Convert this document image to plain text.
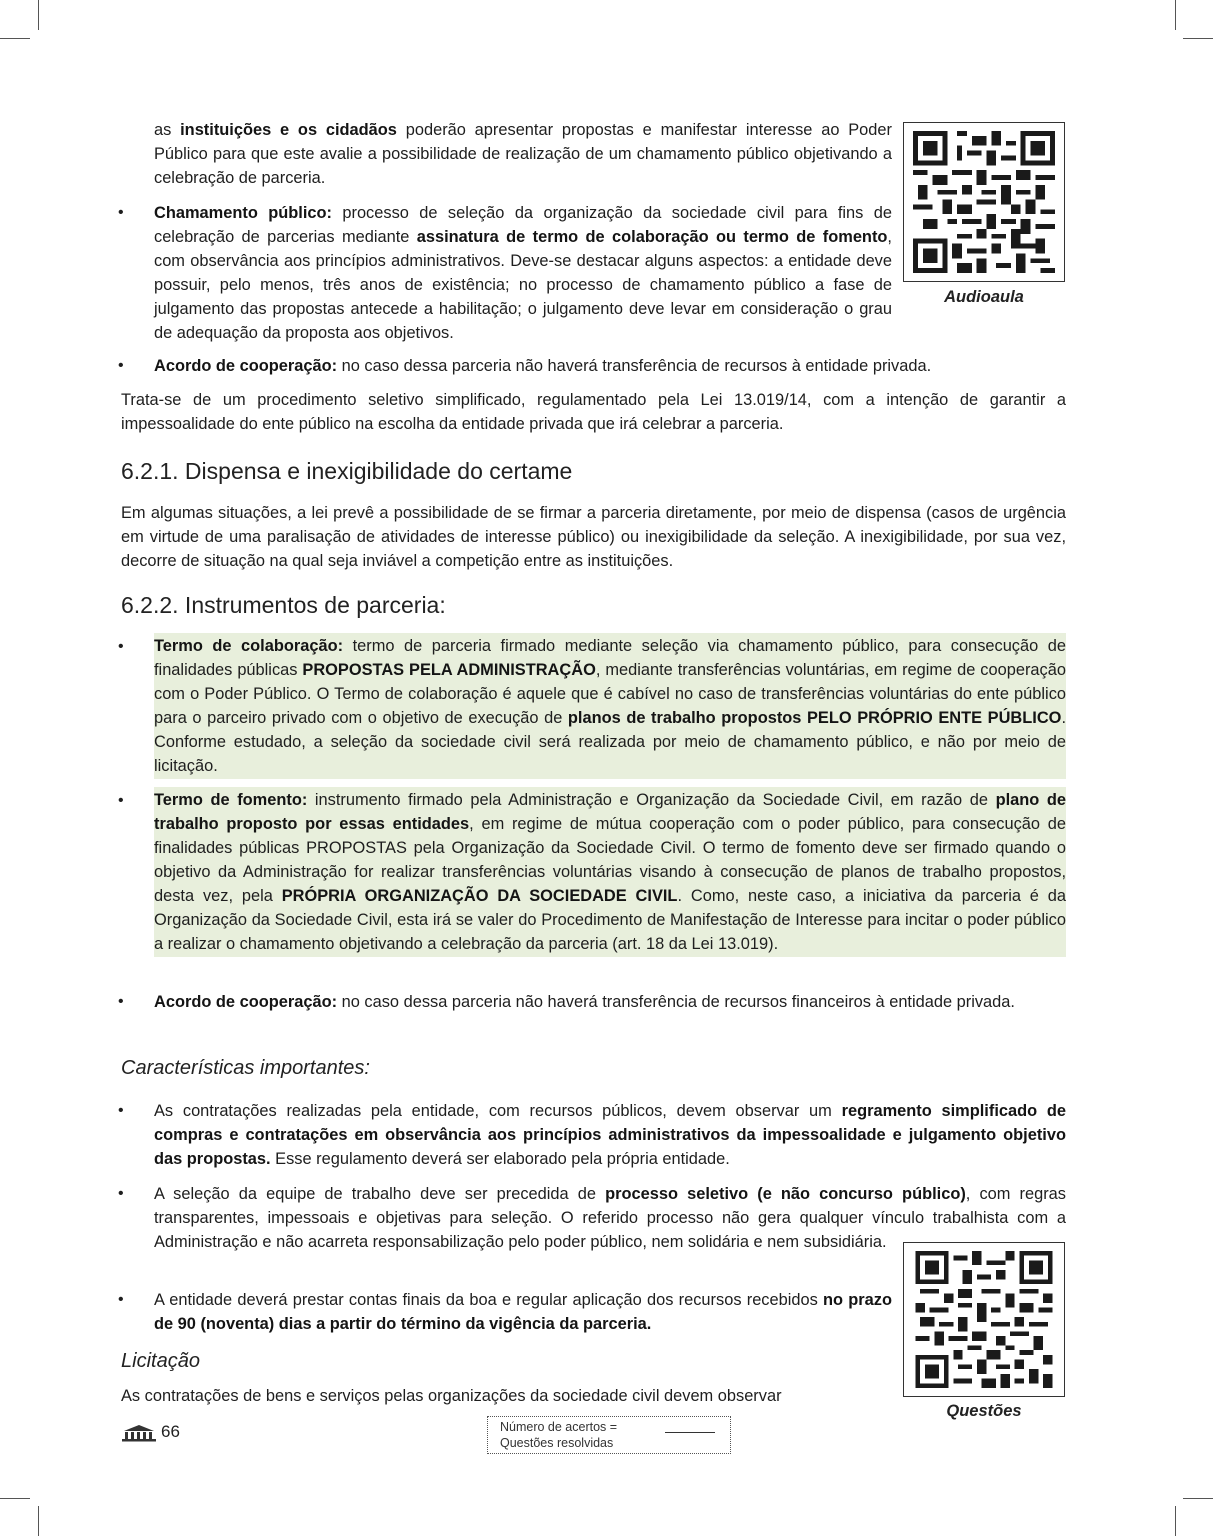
as instituições e os cidadãos poderão apresentar propostas e manifestar interesse ao Poder Público para que este avalie a possibilidade de realização de um chamamento público objetivando a celebração de parceria.
• Chamamento público: processo de seleção da organização da sociedade civil para fins de celebração de parcerias mediante assinatura de termo de colaboração ou termo de fomento, com observância aos princípios administrativos. Deve-se destacar alguns aspectos: a entidade deve possuir, pelo menos, três anos de existência; no processo de chamamento público a fase de julgamento das propostas antecede a habilitação; o julgamento deve levar em consideração o grau de adequação da proposta aos objetivos.
Audioaula
• Acordo de cooperação: no caso dessa parceria não haverá transferência de recursos à entidade privada.
Trata-se de um procedimento seletivo simplificado, regulamentado pela Lei 13.019/14, com a intenção de garantir a impessoalidade do ente público na escolha da entidade privada que irá celebrar a parceria.
6.2.1. Dispensa e inexigibilidade do certame
Em algumas situações, a lei prevê a possibilidade de se firmar a parceria diretamente, por meio de dispensa (casos de urgência em virtude de uma paralisação de atividades de interesse público) ou inexigibilidade da seleção. A inexigibilidade, por sua vez, decorre de situação na qual seja inviável a competição entre as instituições.
6.2.2. Instrumentos de parceria:
• Termo de colaboração: termo de parceria firmado mediante seleção via chamamento público, para consecução de finalidades públicas PROPOSTAS PELA ADMINISTRAÇÃO, mediante transferências voluntárias, em regime de cooperação com o Poder Público. O Termo de colaboração é aquele que é cabível no caso de transferências voluntárias do ente público para o parceiro privado com o objetivo de execução de planos de trabalho propostos PELO PRÓPRIO ENTE PÚBLICO. Conforme estudado, a seleção da sociedade civil será realizada por meio de chamamento público, e não por meio de licitação.
• Termo de fomento: instrumento firmado pela Administração e Organização da Sociedade Civil, em razão de plano de trabalho proposto por essas entidades, em regime de mútua cooperação com o poder público, para consecução de finalidades públicas PROPOSTAS pela Organização da Sociedade Civil. O termo de fomento deve ser firmado quando o objetivo da Administração for realizar transferências voluntárias visando à consecução de planos de trabalho propostos, desta vez, pela PRÓPRIA ORGANIZAÇÃO DA SOCIEDADE CIVIL. Como, neste caso, a iniciativa da parceria é da Organização da Sociedade Civil, esta irá se valer do Procedimento de Manifestação de Interesse para incitar o poder público a realizar o chamamento objetivando a celebração da parceria (art. 18 da Lei 13.019).
• Acordo de cooperação: no caso dessa parceria não haverá transferência de recursos financeiros à entidade privada.
Características importantes:
• As contratações realizadas pela entidade, com recursos públicos, devem observar um regramento simplificado de compras e contratações em observância aos princípios administrativos da impessoalidade e julgamento objetivo das propostas. Esse regulamento deverá ser elaborado pela própria entidade.
• A seleção da equipe de trabalho deve ser precedida de processo seletivo (e não concurso público), com regras transparentes, impessoais e objetivas para seleção. O referido processo não gera qualquer vínculo trabalhista com a Administração e não acarreta responsabilização pelo poder público, nem solidária e nem subsidiária.
• A entidade deverá prestar contas finais da boa e regular aplicação dos recursos recebidos no prazo de 90 (noventa) dias a partir do término da vigência da parceria.
Questões
Licitação
As contratações de bens e serviços pelas organizações da sociedade civil devem observar
66	Número de acertos =
Questões resolvidas
